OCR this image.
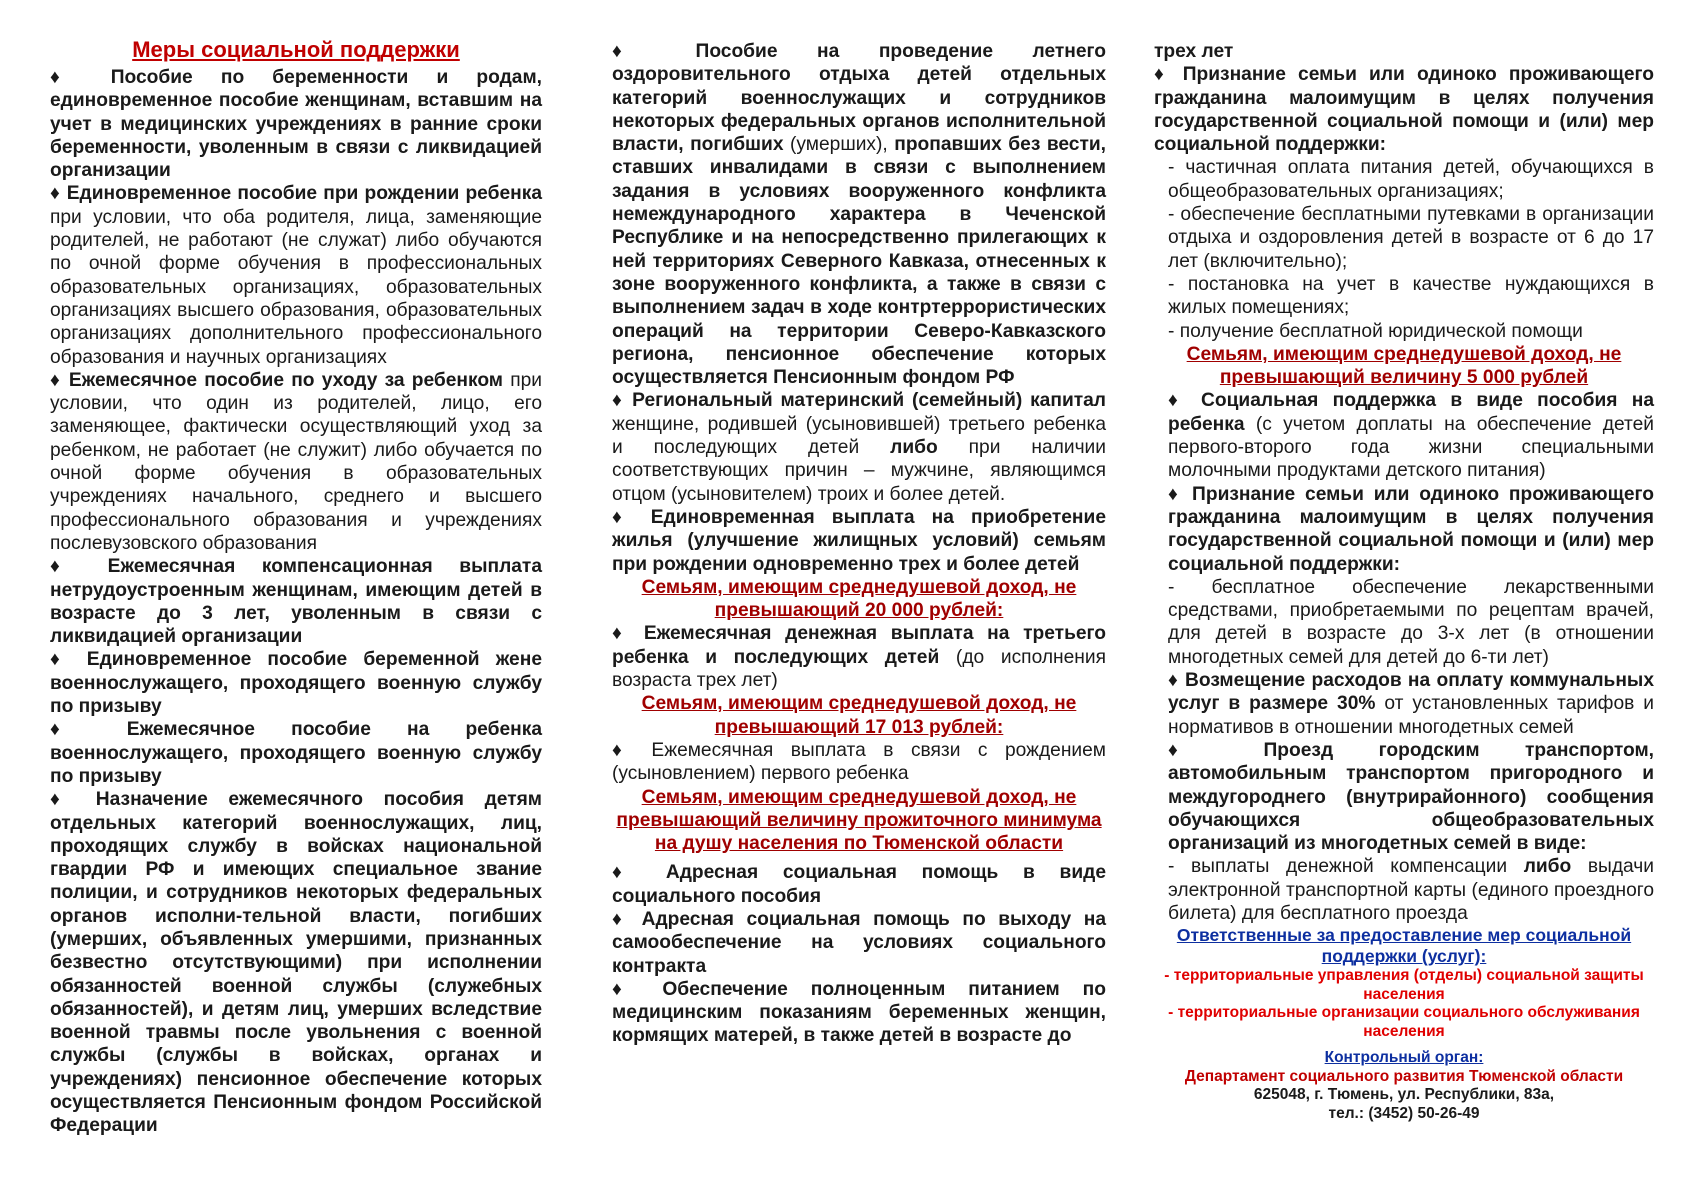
Меры социальной поддержки

♦ Пособие по беременности и родам, единовременное пособие женщинам, вставшим на учет в медицинских учреждениях в ранние сроки беременности, уволенным в связи с ликвидацией организации

♦ Единовременное пособие при рождении ребенка при условии, что оба родителя, лица, заменяющие родителей, не работают (не служат) либо обучаются по очной форме обучения в профессиональных образовательных организациях, образовательных организациях высшего образования, образовательных организациях дополнительного профессионального образования и научных организациях

♦ Ежемесячное пособие по уходу за ребенком при условии, что один из родителей, лицо, его заменяющее, фактически осуществляющий уход за ребенком, не работает (не служит) либо обучается по очной форме обучения в образовательных учреждениях начального, среднего и высшего профессионального образования и учреждениях послевузовского образования

♦ Ежемесячная компенсационная выплата нетрудоустроенным женщинам, имеющим детей в возрасте до 3 лет, уволенным в связи с ликвидацией организации

♦ Единовременное пособие беременной жене военнослужащего, проходящего военную службу по призыву

♦ Ежемесячное пособие на ребенка военнослужащего, проходящего военную службу по призыву

♦ Назначение ежемесячного пособия детям отдельных категорий военнослужащих, лиц, проходящих службу в войсках национальной гвардии РФ и имеющих специальное звание полиции, и сотрудников некоторых федеральных органов исполни-тельной власти, погибших (умерших, объявленных умершими, признанных безвестно отсутствующими) при исполнении обязанностей военной службы (служебных обязанностей), и детям лиц, умерших вследствие военной травмы после увольнения с военной службы (службы в войсках, органах и учреждениях) пенсионное обеспечение которых осуществляется Пенсионным фондом Российской Федерации

♦ Пособие на проведение летнего оздоровительного отдыха детей отдельных категорий военнослужащих и сотрудников некоторых федеральных органов исполнительной власти, погибших (умерших), пропавших без вести, ставших инвалидами в связи с выполнением задания в условиях вооруженного конфликта немеждународного характера в Чеченской Республике и на непосредственно прилегающих к ней территориях Северного Кавказа, отнесенных к зоне вооруженного конфликта, а также в связи с выполнением задач в ходе контртеррористических операций на территории Северо-Кавказского региона, пенсионное обеспечение которых осуществляется Пенсионным фондом РФ

♦ Региональный материнский (семейный) капитал женщине, родившей (усыновившей) третьего ребенка и последующих детей либо при наличии соответствующих причин – мужчине, являющимся отцом (усыновителем) троих и более детей.

♦ Единовременная выплата на приобретение жилья (улучшение жилищных условий) семьям при рождении одновременно трех и более детей

Семьям, имеющим среднедушевой доход, не превышающий 20 000 рублей:

♦ Ежемесячная денежная выплата на третьего ребенка и последующих детей (до исполнения возраста трех лет)

Семьям, имеющим среднедушевой доход, не превышающий 17 013 рублей:

♦ Ежемесячная выплата в связи с рождением (усыновлением) первого ребенка

Семьям, имеющим среднедушевой доход, не превышающий величину прожиточного минимума на душу населения по Тюменской области

♦ Адресная социальная помощь в виде социального пособия

♦ Адресная социальная помощь по выходу на самообеспечение на условиях социального контракта

♦ Обеспечение полноценным питанием по медицинским показаниям беременных женщин, кормящих матерей, в также детей в возрасте до

трех лет

♦ Признание семьи или одиноко проживающего гражданина малоимущим в целях получения государственной социальной помощи и (или) мер социальной поддержки:

- частичная оплата питания детей, обучающихся в общеобразовательных организациях;

- обеспечение бесплатными путевками в организации отдыха и оздоровления детей в возрасте от 6 до 17 лет (включительно);

- постановка на учет в качестве нуждающихся в жилых помещениях;

- получение бесплатной юридической помощи

Семьям, имеющим среднедушевой доход, не превышающий величину 5 000 рублей

♦ Социальная поддержка в виде пособия на ребенка (с учетом доплаты на обеспечение детей первого-второго года жизни специальными молочными продуктами детского питания)

♦ Признание семьи или одиноко проживающего гражданина малоимущим в целях получения государственной социальной помощи и (или) мер социальной поддержки:

- бесплатное обеспечение лекарственными средствами, приобретаемыми по рецептам врачей, для детей в возрасте до 3-х лет (в отношении многодетных семей для детей до 6-ти лет)

♦ Возмещение расходов на оплату коммунальных услуг в размере 30% от установленных тарифов и нормативов в отношении многодетных семей

♦ Проезд городским транспортом, автомобильным транспортом пригородного и междугороднего (внутрирайонного) сообщения обучающихся общеобразовательных организаций из многодетных семей в виде:

- выплаты денежной компенсации либо выдачи электронной транспортной карты (единого проездного билета) для бесплатного проезда

Ответственные за предоставление мер социальной поддержки (услуг):

- территориальные управления (отделы) социальной защиты населения

- территориальные организации социального обслуживания населения

Контрольный орган:

Департамент социального развития Тюменской области

625048, г. Тюмень, ул. Республики, 83а,

тел.: (3452) 50-26-49
